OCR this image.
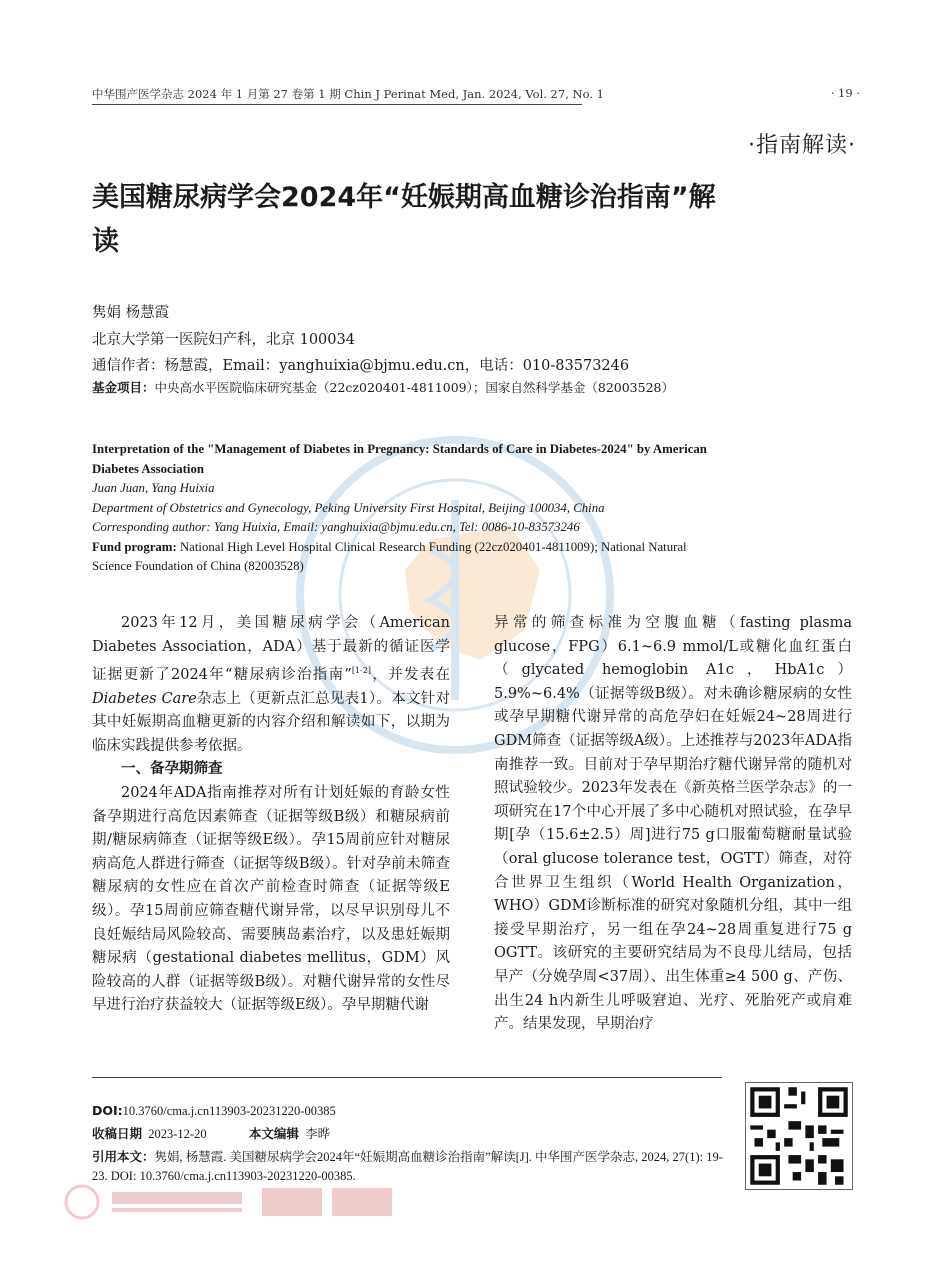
中华围产医学杂志 2024 年 1 月第 27 卷第 1 期 Chin J Perinat Med, Jan. 2024, Vol. 27, No. 1	· 19 ·
·指南解读·
美国糖尿病学会2024年“妊娠期高血糖诊治指南”解读
隽娟 杨慧霞
北京大学第一医院妇产科，北京 100034
通信作者：杨慧霞，Email：yanghuixia@bjmu.edu.cn，电话：010-83573246
基金项目：中央高水平医院临床研究基金（22cz020401-4811009）；国家自然科学基金（82003528）
Interpretation of the "Management of Diabetes in Pregnancy: Standards of Care in Diabetes-2024" by American Diabetes Association
Juan Juan, Yang Huixia
Department of Obstetrics and Gynecology, Peking University First Hospital, Beijing 100034, China
Corresponding author: Yang Huixia, Email: yanghuixia@bjmu.edu.cn, Tel: 0086-10-83573246
Fund program: National High Level Hospital Clinical Research Funding (22cz020401-4811009); National Natural Science Foundation of China (82003528)

2023年12月，美国糖尿病学会（American Diabetes Association，ADA）基于最新的循证医学证据更新了2024年“糖尿病诊治指南”[1-2]，并发表在Diabetes Care杂志上（更新点汇总见表1）。本文针对其中妊娠期高血糖更新的内容介绍和解读如下，以期为临床实践提供参考依据。

一、备孕期筛查

2024年ADA指南推荐对所有计划妊娠的育龄女性备孕期进行高危因素筛查（证据等级B级）和糖尿病前期/糖尿病筛查（证据等级E级）。孕15周前应针对糖尿病高危人群进行筛查（证据等级B级）。针对孕前未筛查糖尿病的女性应在首次产前检查时筛查（证据等级E级）。孕15周前应筛查糖代谢异常，以尽早识别母儿不良妊娠结局风险较高、需要胰岛素治疗，以及患妊娠期糖尿病（gestational diabetes mellitus，GDM）风险较高的人群（证据等级B级）。对糖代谢异常的女性尽早进行治疗获益较大（证据等级E级）。孕早期糖代谢

异常的筛查标准为空腹血糖（fasting plasma glucose，FPG）6.1~6.9 mmol/L或糖化血红蛋白（glycated hemoglobin A1c，HbA1c）5.9%~6.4%（证据等级B级）。对未确诊糖尿病的女性或孕早期糖代谢异常的高危孕妇在妊娠24~28周进行GDM筛查（证据等级A级）。上述推荐与2023年ADA指南推荐一致。目前对于孕早期治疗糖代谢异常的随机对照试验较少。2023年发表在《新英格兰医学杂志》的一项研究在17个中心开展了多中心随机对照试验，在孕早期[孕（15.6±2.5）周]进行75 g口服葡萄糖耐量试验（oral glucose tolerance test，OGTT）筛查，对符合世界卫生组织（World Health Organization，WHO）GDM诊断标准的研究对象随机分组，其中一组接受早期治疗，另一组在孕24~28周重复进行75 g OGTT。该研究的主要研究结局为不良母儿结局，包括早产（分娩孕周<37周）、出生体重≥4 500 g、产伤、出生24 h内新生儿呼吸窘迫、光疗、死胎死产或肩难产。结果发现，早期治疗

DOI:10.3760/cma.j.cn113903-20231220-00385
收稿日期 2023-12-20	本文编辑 李晔
引用本文：隽娟, 杨慧霞. 美国糖尿病学会2024年“妊娠期高血糖诊治指南”解读[J]. 中华围产医学杂志, 2024, 27(1): 19-23. DOI: 10.3760/cma.j.cn113903-20231220-00385.
